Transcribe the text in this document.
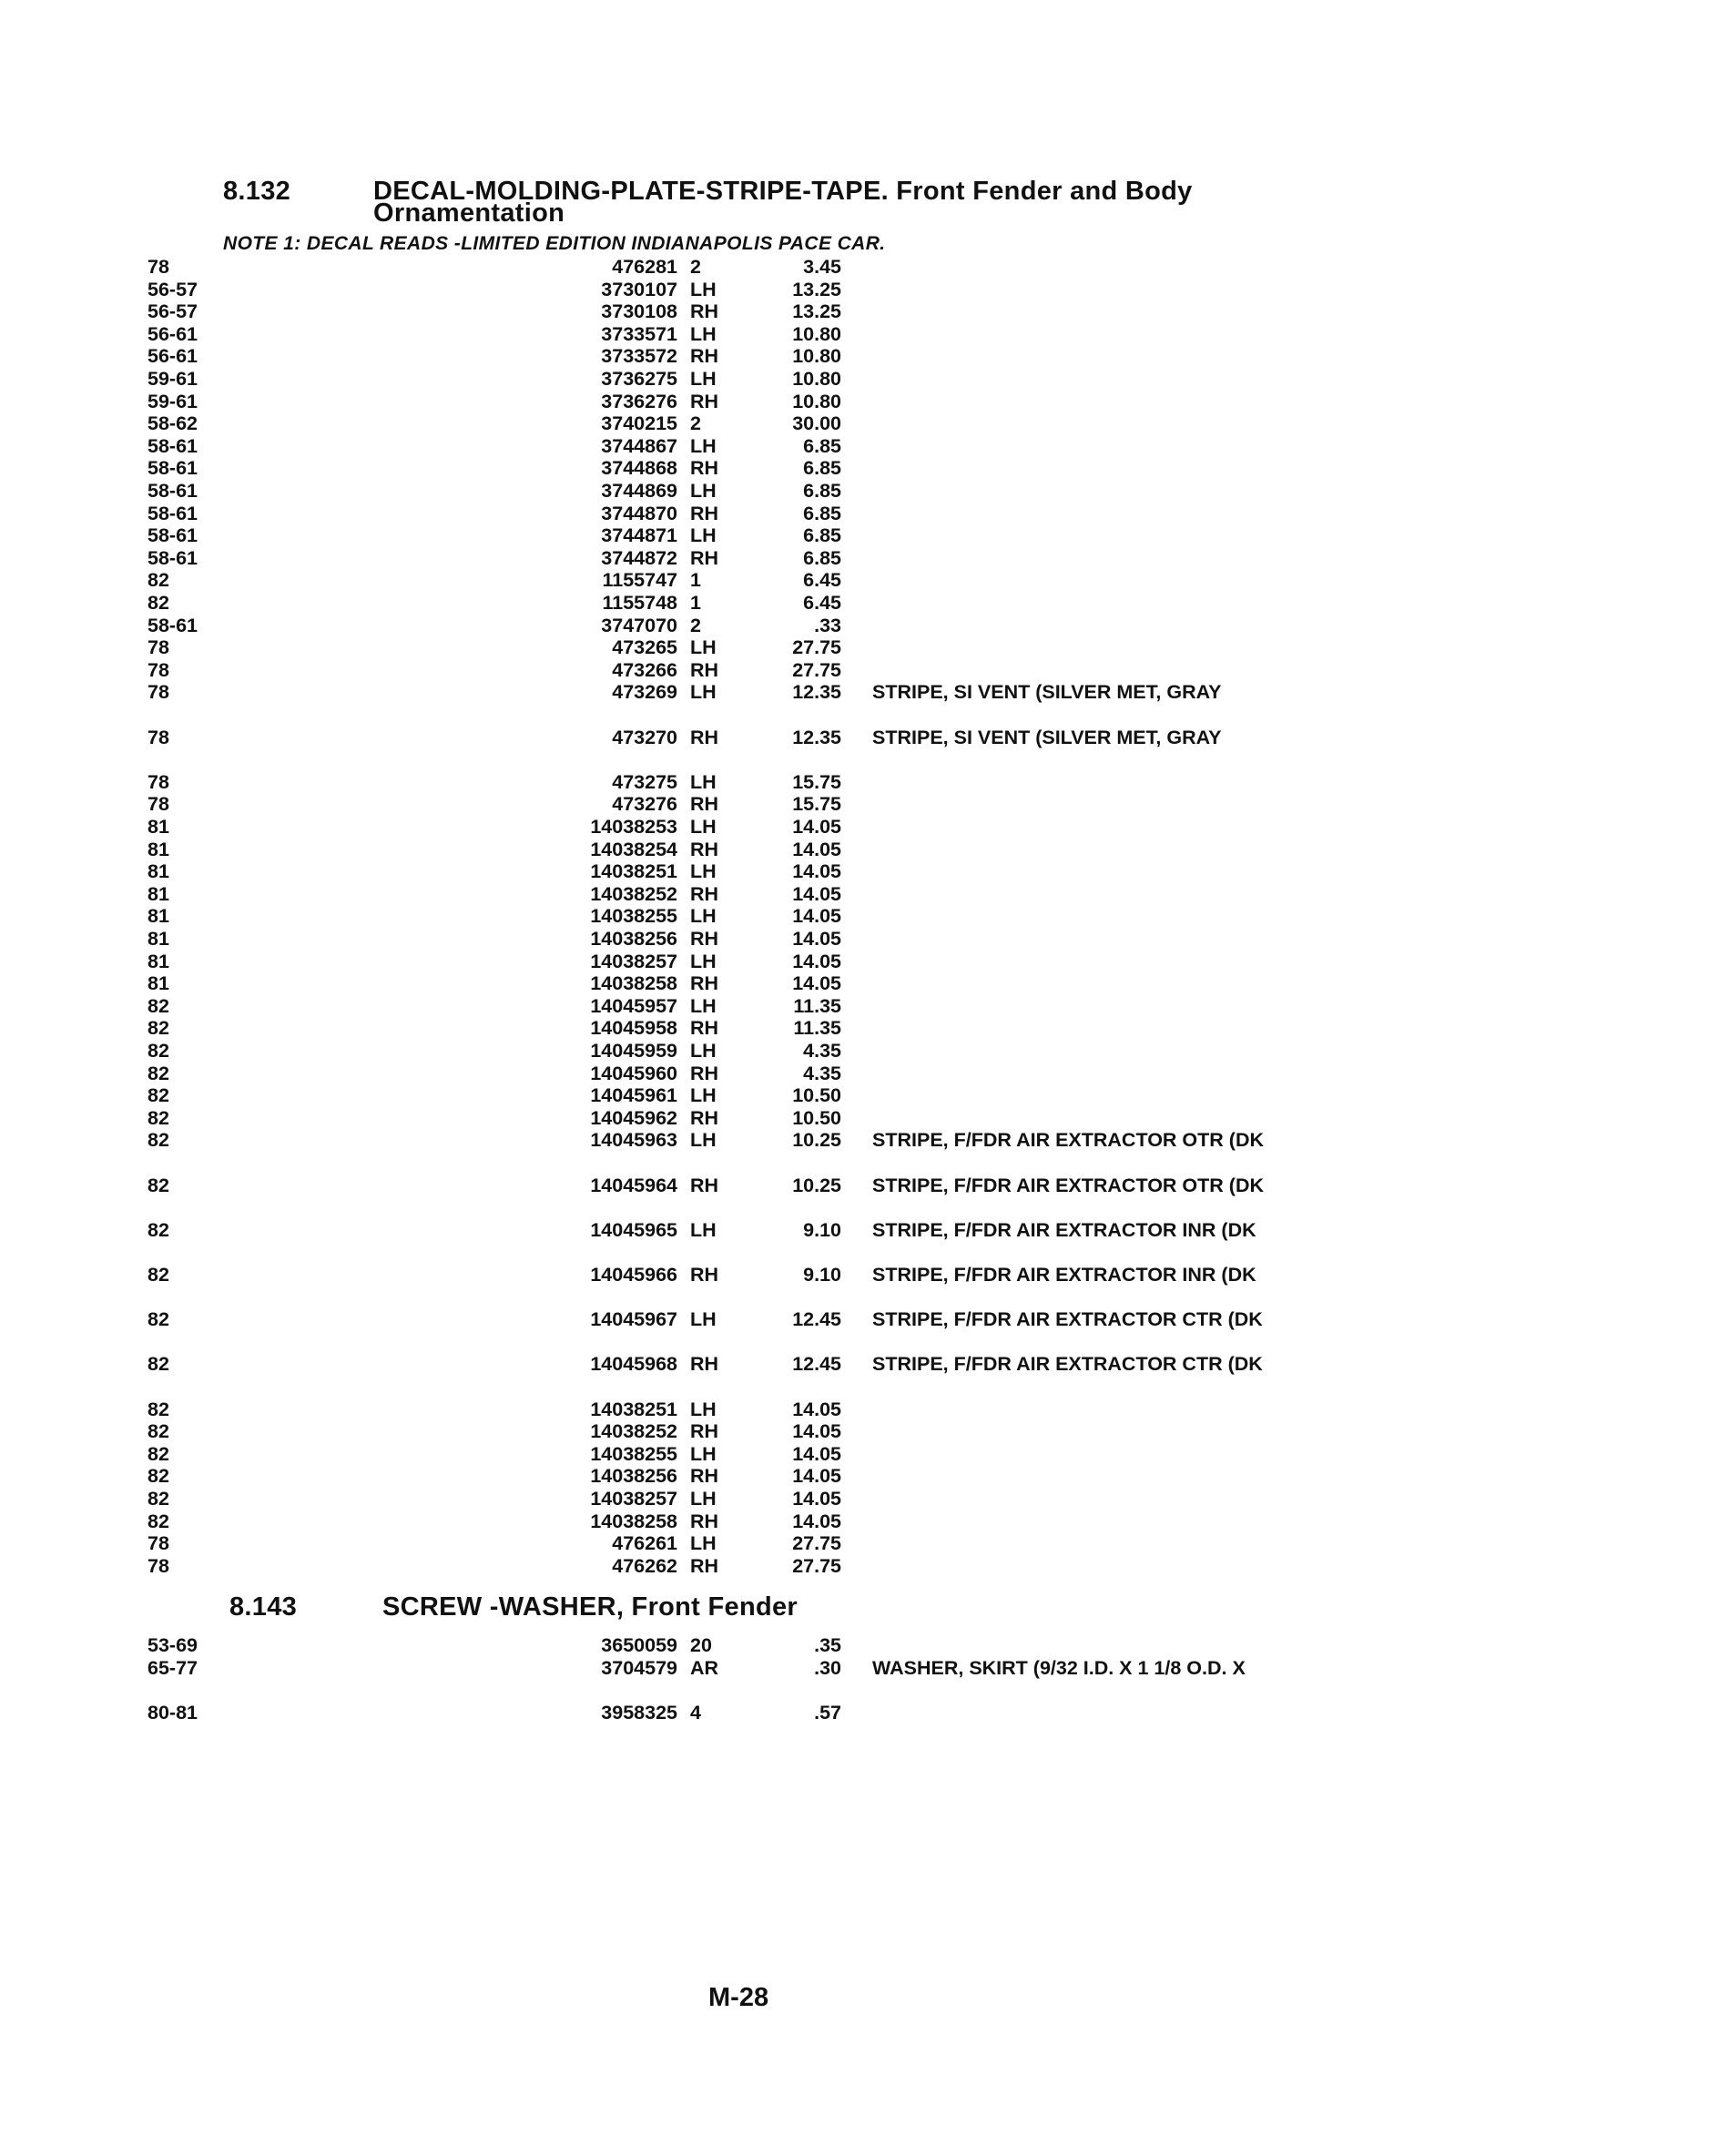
8.132	DECAL-MOLDING-PLATE-STRIPE-TAPE. Front Fender and Body
Ornamentation
NOTE 1: DECAL READS -LIMITED EDITION INDIANAPOLIS PACE CAR.
8.143	SCREW -WASHER, Front Fender
78	476281 2	3.45
56-57	3730107 LH	13.25
56-57	3730108 RH	13.25
56-61	3733571 LH	10.80
56-61	3733572 RH	10.80
59-61	3736275 LH	10.80
59-61	3736276 RH	10.80
58-62	3740215 2	30.00
58-61	3744867 LH	6.85
58-61	3744868 RH	6.85
58-61	3744869 LH	6.85
58-61	3744870 RH	6.85
58-61	3744871 LH	6.85
58-61	3744872 RH	6.85
82	1155747 1	6.45
82	1155748 1	6.45
58-61	3747070 2	.33
78	473265 LH	27.75
78	473266 RH	27.75
78	473269 LH	12.35 STRIPE, SI VENT (SILVER MET, GRAY
78	473270 RH	12.35 STRIPE, SI VENT (SILVER MET, GRAY
78	473275 LH	15.75
78	473276 RH	15.75
81	14038253 LH	14.05
81	14038254 RH	14.05
81	14038251 LH	14.05
81	14038252 RH	14.05
81	14038255 LH	14.05
81	14038256 RH	14.05
81	14038257 LH	14.05
81	14038258 RH	14.05
82	14045957 LH	11.35
82	14045958 RH	11.35
82	14045959 LH	4.35
82	14045960 RH	4.35
82	14045961 LH	10.50
82	14045962 RH	10.50
82	14045963 LH	10.25 STRIPE, F/FDR AIR EXTRACTOR OTR (DK
82	14045964 RH	10.25 STRIPE, F/FDR AIR EXTRACTOR OTR (DK
82	14045965 LH	9.10 STRIPE, F/FDR AIR EXTRACTOR INR (DK
82	14045966 RH	9.10 STRIPE, F/FDR AIR EXTRACTOR INR (DK
82	14045967 LH	12.45 STRIPE, F/FDR AIR EXTRACTOR CTR (DK
82	14045968 RH	12.45 STRIPE, F/FDR AIR EXTRACTOR CTR (DK
82	14038251 LH	14.05
82	14038252 RH	14.05
82	14038255 LH	14.05
82	14038256 RH	14.05
82	14038257 LH	14.05
82	14038258 RH	14.05
78	476261 LH	27.75
78	476262 RH	27.75
53-69	3650059 20	.35
65-77	3704579 AR	.30 WASHER, SKIRT (9/32 I.D. X 1 1/8 O.D. X
80-81	3958325 4	.57
M-28
